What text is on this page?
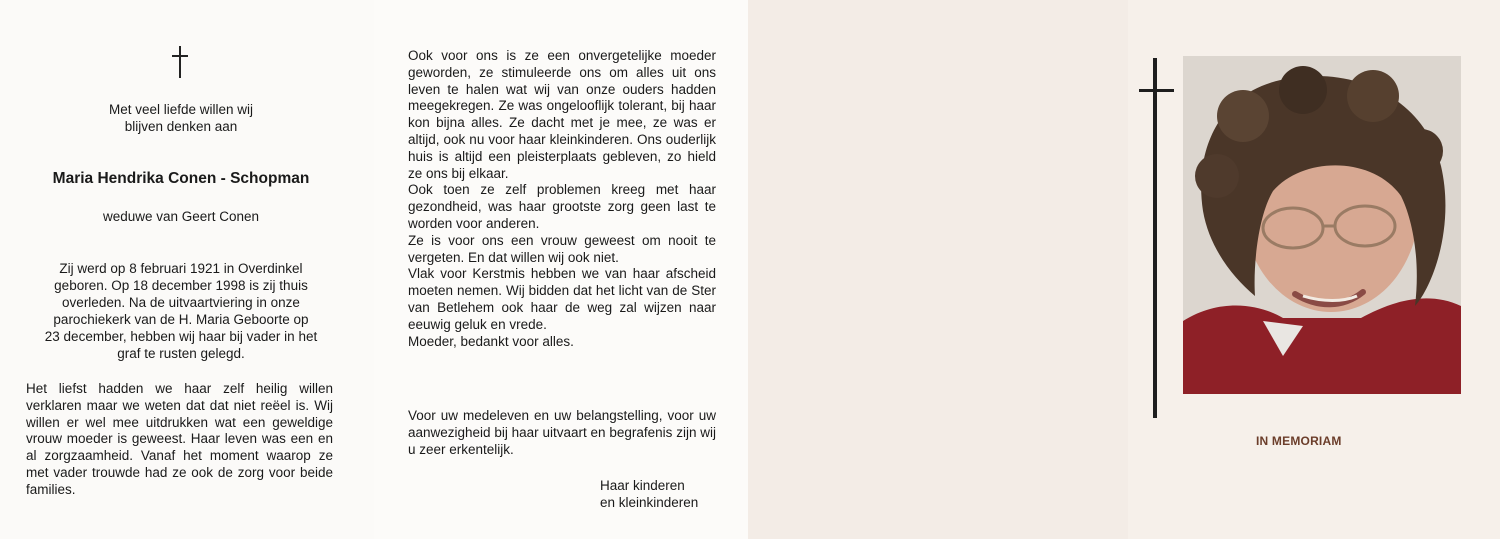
Met veel liefde willen wij
blijven denken aan
Maria Hendrika Conen - Schopman
weduwe van Geert Conen
Zij werd op 8 februari 1921 in Overdinkel
geboren. Op 18 december 1998 is zij thuis
overleden. Na de uitvaartviering in onze
parochiekerk van de H. Maria Geboorte op
23 december, hebben wij haar bij vader in het
graf te rusten gelegd.
Het liefst hadden we haar zelf heilig willen verklaren maar we weten dat dat niet reëel is. Wij willen er wel mee uitdrukken wat een geweldige vrouw moeder is geweest. Haar leven was een en al zorgzaamheid. Vanaf het moment waarop ze met vader trouwde had ze ook de zorg voor beide families.
Ook voor ons is ze een onvergetelijke moeder geworden, ze stimuleerde ons om alles uit ons leven te halen wat wij van onze ouders hadden meegekregen. Ze was ongelooflijk tolerant, bij haar kon bijna alles. Ze dacht met je mee, ze was er altijd, ook nu voor haar kleinkinderen. Ons ouderlijk huis is altijd een pleisterplaats gebleven, zo hield ze ons bij elkaar.
Ook toen ze zelf problemen kreeg met haar gezondheid, was haar grootste zorg geen last te worden voor anderen.
Ze is voor ons een vrouw geweest om nooit te vergeten. En dat willen wij ook niet.
Vlak voor Kerstmis hebben we van haar afscheid moeten nemen. Wij bidden dat het licht van de Ster van Betlehem ook haar de weg zal wijzen naar eeuwig geluk en vrede.
Moeder, bedankt voor alles.
Voor uw medeleven en uw belangstelling, voor uw aanwezigheid bij haar uitvaart en begrafenis zijn wij u zeer erkentelijk.
Haar kinderen
en kleinkinderen
IN MEMORIAM
